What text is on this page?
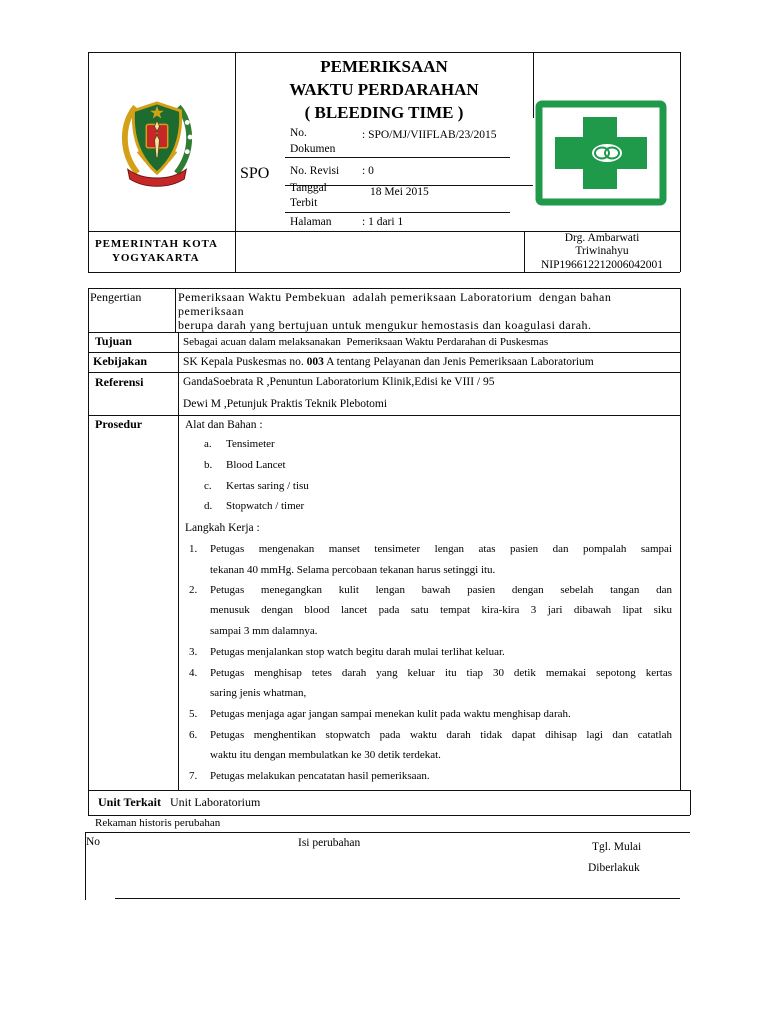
PEMERIKSAAN
WAKTU PERDARAHAN
( BLEEDING TIME )
SPO
No.
Dokumen
: SPO/MJ/VIIFLAB/23/2015
No. Revisi : 0
Tanggal
Terbit
18 Mei 2015
Halaman	: 1 dari 1
PEMERINTAH KOTA
YOGYAKARTA
Drg. Ambarwati
Triwinahyu
NIP196612212006042001
Pengertian	Pemeriksaan Waktu Pembekuan  adalah pemeriksaan Laboratorium  dengan bahan
pemeriksaan
berupa darah yang bertujuan untuk mengukur hemostasis dan koagulasi darah.
Tujuan	Sebagai acuan dalam melaksanakan  Pemeriksaan Waktu Perdarahan di Puskesmas
Kebijakan	SK Kepala Puskesmas no. 003 A tentang Pelayanan dan Jenis Pemeriksaan Laboratorium
Referensi	GandaSoebrata R ,Penuntun Laboratorium Klinik,Edisi ke VIII / 95
Dewi M ,Petunjuk Praktis Teknik Plebotomi
Prosedur	Alat dan Bahan :
a. Tensimeter
b. Blood Lancet
c. Kertas saring / tisu
d. Stopwatch / timer
Langkah Kerja :
1. Petugas mengenakan manset tensimeter lengan atas pasien dan pompalah sampai
tekanan 40 mmHg. Selama percobaan tekanan harus setinggi itu.
2. Petugas menegangkan kulit lengan bawah pasien dengan sebelah tangan dan
menusuk dengan blood lancet pada satu tempat kira-kira 3 jari dibawah lipat siku
sampai 3 mm dalamnya.
3. Petugas menjalankan stop watch begitu darah mulai terlihat keluar.
4. Petugas menghisap tetes darah yang keluar itu tiap 30 detik memakai sepotong kertas
saring jenis whatman,
5. Petugas menjaga agar jangan sampai menekan kulit pada waktu menghisap darah.
6. Petugas menghentikan stopwatch pada waktu darah tidak dapat dihisap lagi dan catatlah
waktu itu dengan membulatkan ke 30 detik terdekat.
7. Petugas melakukan pencatatan hasil pemeriksaan.
Unit Terkait Unit Laboratorium
Rekaman historis perubahan
No	Isi perubahan	Tgl. Mulai
Diberlakuk
